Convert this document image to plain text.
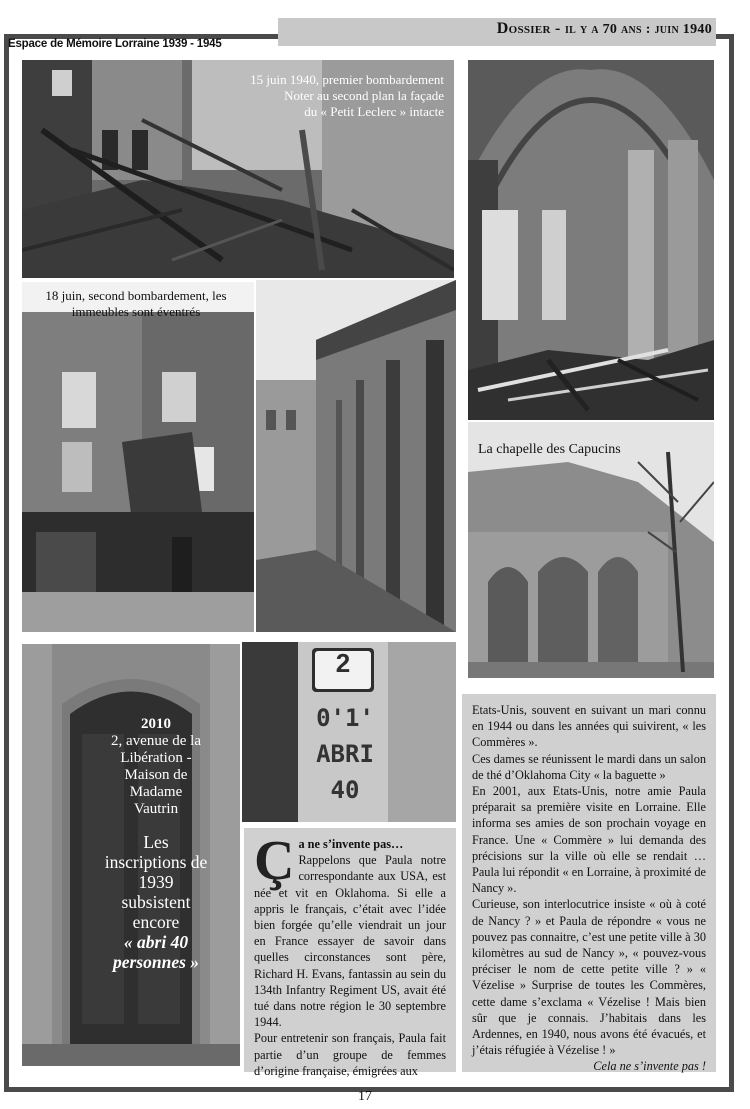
Dossier - il y a 70 ans : juin 1940
Espace de Mémoire Lorraine 1939 - 1945
15 juin 1940, premier bombardement
Noter au second plan la façade
du « Petit Leclerc » intacte
18 juin, second bombardement, les
immeubles sont éventrés
La chapelle des Capucins
2010
2, avenue de la
Libération -
Maison de
Madame
Vautrin
Les
inscriptions de
1939
subsistent
encore
« abri 40
personnes »
2
0'1'
ABRI
40
Ç a ne s’invente pas…

Rappelons que Paula notre correspondante aux USA, est née et vit en Oklahoma. Si elle a appris le français, c’était avec l’idée bien forgée qu’elle viendrait un jour en France essayer de savoir dans quelles circonstances sont père, Richard H. Evans, fantassin au sein du 134th Infantry Regiment US, avait été tué dans notre région le 30 septembre 1944.

Pour entretenir son français, Paula fait partie d’un groupe de femmes d’origine française, émigrées aux

Etats-Unis, souvent en suivant un mari connu en 1944 ou dans les années qui suivirent, « les Commères ».

Ces dames se réunissent le mardi dans un salon de thé d’Oklahoma City « la baguette »

En 2001, aux Etats-Unis, notre amie Paula préparait sa première visite en Lorraine. Elle informa ses amies de son prochain voyage en France. Une « Commère » lui demanda des précisions sur la ville où elle se rendait … Paula lui répondit « en Lorraine, à proximité de Nancy ».

Curieuse, son interlocutrice insiste « où à coté de Nancy ? » et Paula de répondre « vous ne pouvez pas connaitre, c’est une petite ville à 30 kilomètres au sud de Nancy », « pouvez-vous préciser le nom de cette petite ville ? » « Vézelise » Surprise de toutes les Commères, cette dame s’exclama « Vézelise ! Mais bien sûr que je connais. J’habitais dans les Ardennes, en 1940, nous avons été évacués, et j’étais réfugiée à Vézelise ! »

Cela ne s’invente pas !

17
